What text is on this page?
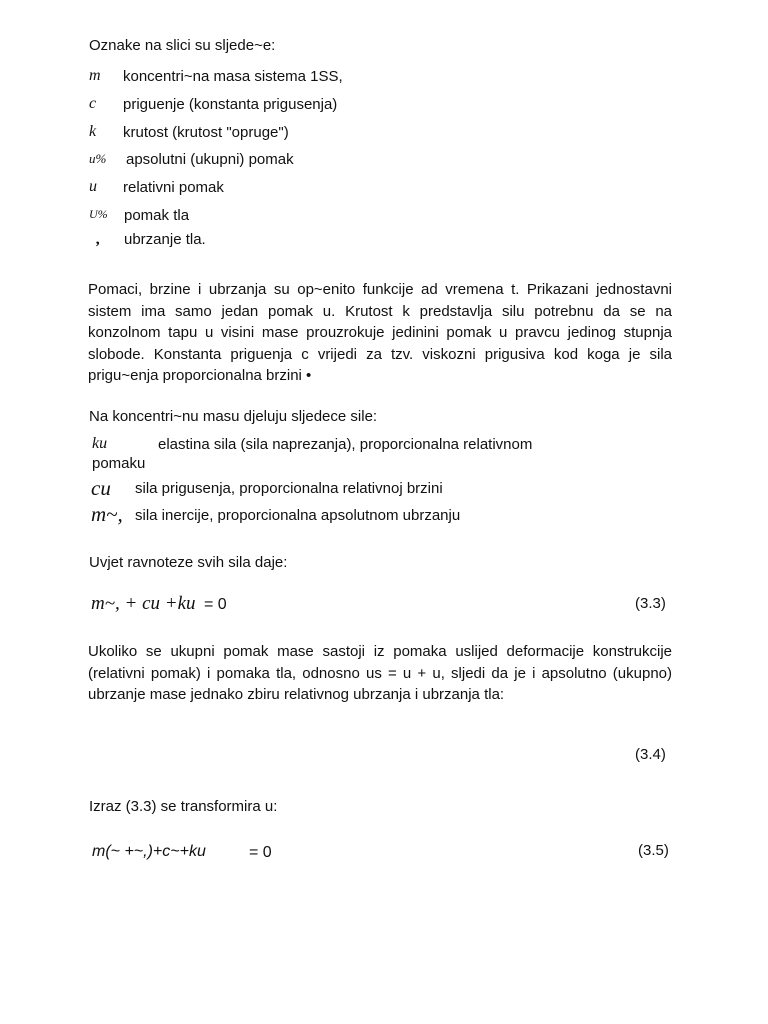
Oznake na slici su sljede~e:
m koncentri~na masa sistema 1SS,
c priguеnje (konstanta prigusenja)
k krutost (krutost "opruge")
u% apsolutni (ukupni) pomak
u relativni pomak
U% pomak tla
‚ ubrzanje tla.
Pomaci, brzine i ubrzanja su op~enito funkcije ad vremena t. Prikazani jednostavni sistem ima samo jedan pomak u. Krutost k predstavlja silu potrebnu da se na konzolnom tapu u visini mase prouzrokuje jedinini pomak u pravcu jedinog stupnja slobode. Konstanta priguеnja c vrijedi za tzv. viskozni prigusiva kod koga je sila prigu~enja proporcionalna brzini •
Na koncentri~nu masu djeluju sljedece sile:
ku	elastina sila (sila naprezanja), proporcionalna relativnom
pomaku
cu sila prigusenja, proporcionalna relativnoj brzini
m~, sila inercije, proporcionalna apsolutnom ubrzanju
Uvjet ravnoteze svih sila daje:
m~, + cu +ku = 0	(3.3)
Ukoliko se ukupni pomak mase sastoji iz pomaka uslijed deformacije konstrukcije (relativni pomak) i pomaka tla, odnosno us = u + u, sljedi da je i apsolutno (ukupno) ubrzanje mase jednako zbiru relativnog ubrzanja i ubrzanja tla:
(3.4)
Izraz (3.3) se transformira u:
m(~ +~,)+c~+ku	= 0	(3.5)
